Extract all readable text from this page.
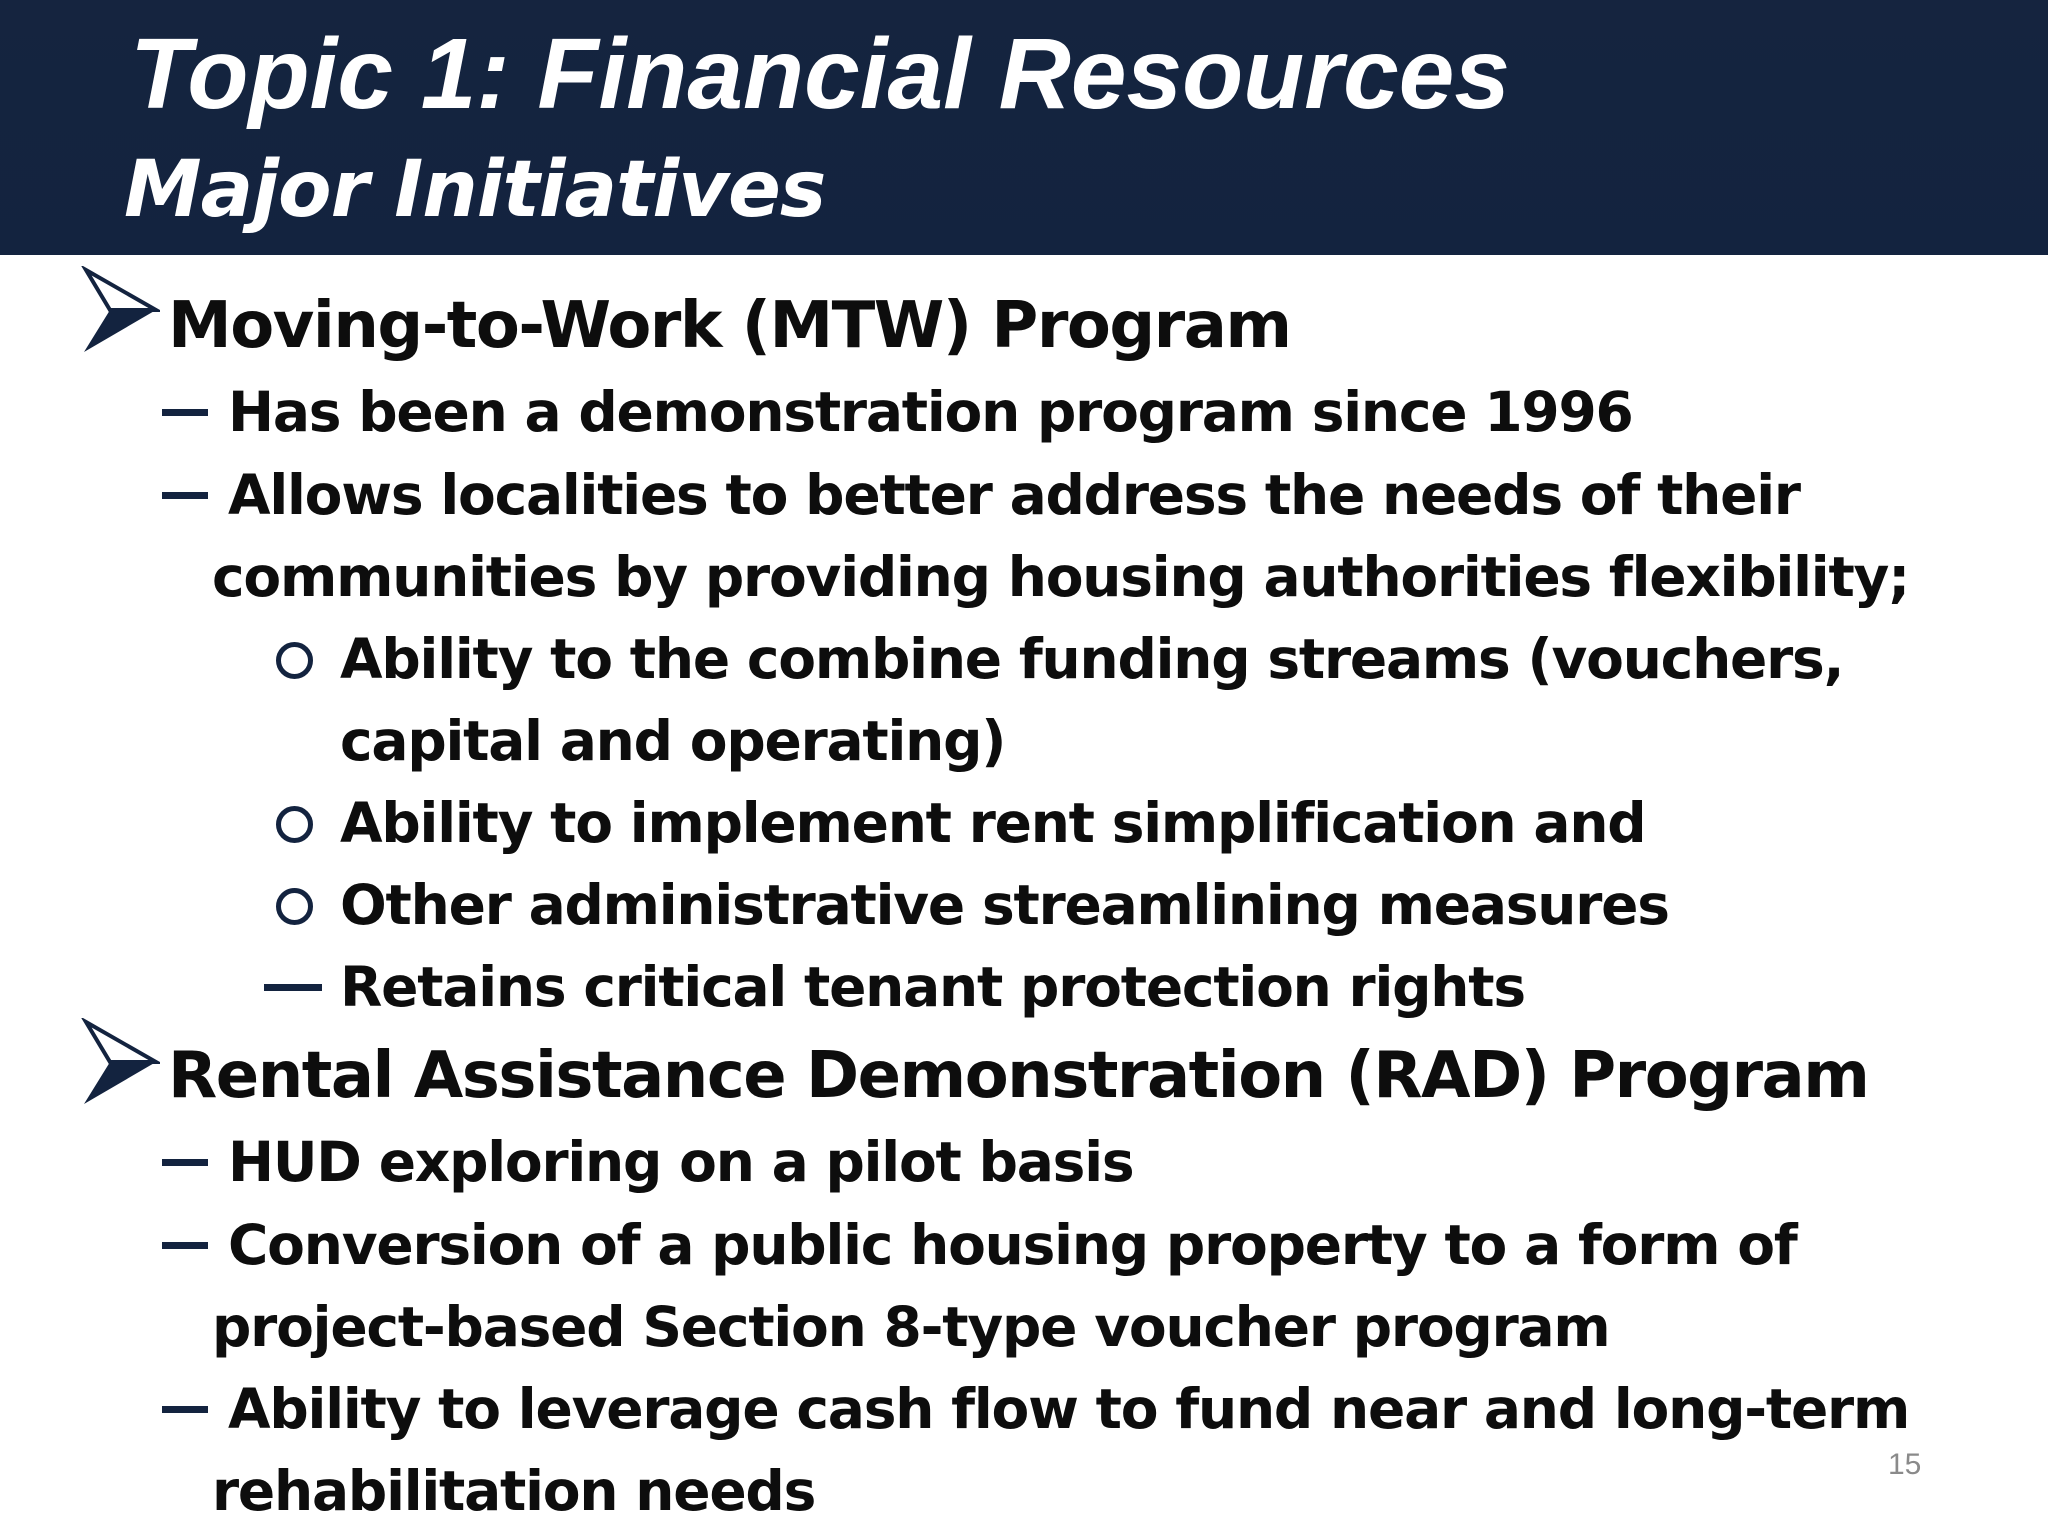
Topic 1: Financial Resources
Major Initiatives
Moving-to-Work (MTW) Program
Has been a demonstration program since 1996
Allows localities to better address the needs of their
communities by providing housing authorities flexibility;
Ability to the combine funding streams (vouchers,
capital and operating)
Ability to implement rent simplification and
Other administrative streamlining measures
Retains critical tenant protection rights
Rental Assistance Demonstration (RAD) Program
HUD exploring on a pilot basis
Conversion of a public housing property to a form of
project-based Section 8-type voucher program
Ability to leverage cash flow to fund near and long-term
rehabilitation needs	15
